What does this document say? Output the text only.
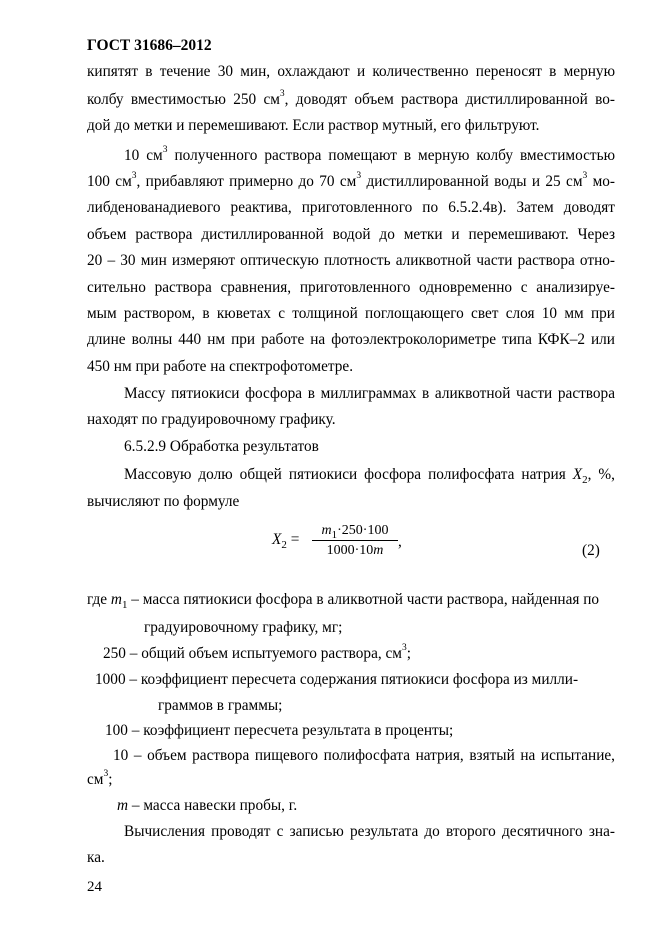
ГОСТ 31686–2012
кипятят в течение 30 мин, охлаждают и количественно переносят в мерную
колбу вместимостью 250 $см^3$, доводят объем раствора дистиллированной во-
дой до метки и перемешивают. Если раствор мутный, его фильтруют.
10 $см^3$ полученного раствора помещают в мерную колбу вместимостью
100 $см^3$, прибавляют примерно до 70 $см^3$ дистиллированной воды и 25 $см^3$ мо-
либденованадиевого реактива, приготовленного по 6.5.2.4в). Затем доводят
объем раствора дистиллированной водой до метки и перемешивают. Через
20 – 30 мин измеряют оптическую плотность аликвотной части раствора отно-
сительно раствора сравнения, приготовленного одновременно с анализируе-
мым раствором, в кюветах с толщиной поглощающего свет слоя 10 мм при
длине волны 440 нм при работе на фотоэлектроколориметре типа КФК–2 или
450 нм при работе на спектрофотометре.
Массу пятиокиси фосфора в миллиграммах в аликвотной части раствора
находят по градуировочному графику.
6.5.2.9 Обработка результатов
Массовую долю общей пятиокиси фосфора полифосфата натрия $X_2$, %,
вычисляют по формуле
$X_2 = \frac{m_1\cdot 250\cdot 100}{1000\cdot 10m}$ ,
(2)
где $m_1$ – масса пятиокиси фосфора в аликвотной части раствора, найденная по
градуировочному графику, мг;
250 – общий объем испытуемого раствора, $см^3$;
1000 – коэффициент пересчета содержания пятиокиси фосфора из милли-
граммов в граммы;
100 – коэффициент пересчета результата в проценты;
10 – объем раствора пищевого полифосфата натрия, взятый на испытание,
$см^3$;
m – масса навески пробы, г.
Вычисления проводят с записью результата до второго десятичного зна-
ка.
24
